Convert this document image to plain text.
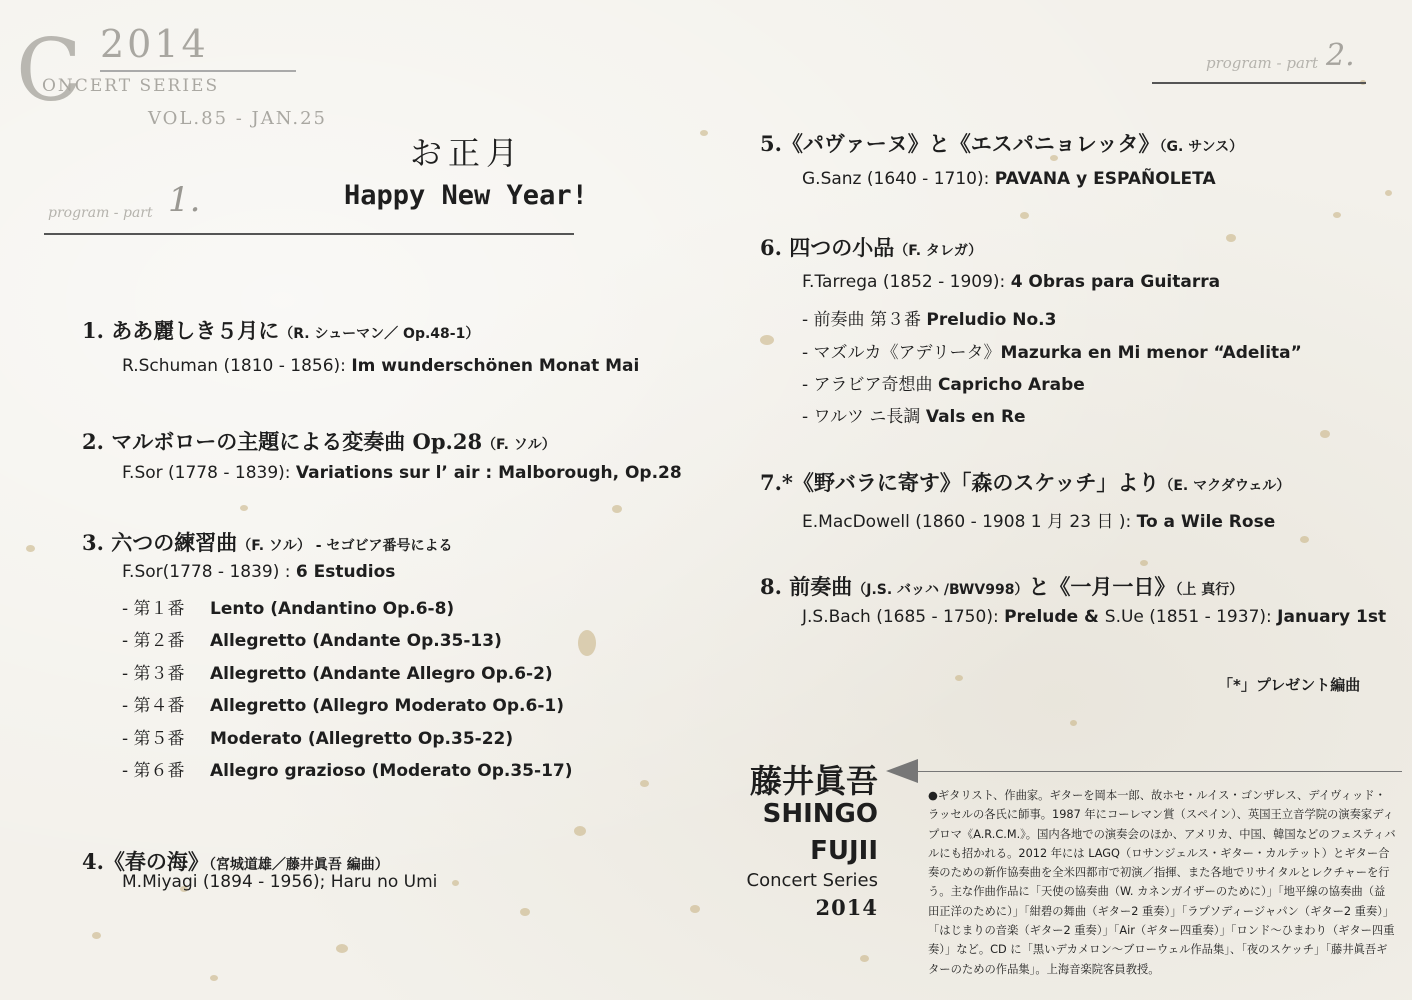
C 2014
ONCERT SERIES
VOL.85 - JAN.25
お正月
Happy New Year!
program - part 1.
program - part 2.
1. ああ麗しき５月に（R. シューマン／ Op.48-1）
R.Schuman (1810 - 1856): Im wunderschönen Monat Mai
2. マルボローの主題による変奏曲 Op.28（F. ソル）
F.Sor (1778 - 1839): Variations sur l’ air : Malborough, Op.28
3. 六つの練習曲（F. ソル） - セゴビア番号による
F.Sor(1778 - 1839) : 6 Estudios
- 第１番 Lento (Andantino Op.6-8)
- 第２番 Allegretto (Andante Op.35-13)
- 第３番 Allegretto (Andante Allegro Op.6-2)
- 第４番 Allegretto (Allegro Moderato Op.6-1)
- 第５番 Moderato (Allegretto Op.35-22)
- 第６番 Allegro grazioso (Moderato Op.35-17)
4.《春の海》（宮城道雄／藤井眞吾 編曲）
M.Miyagi (1894 - 1956); Haru no Umi
5.《パヴァーヌ》と《エスパニョレッタ》（G. サンス）
G.Sanz (1640 - 1710): PAVANA y ESPAÑOLETA
6. 四つの小品（F. タレガ）
F.Tarrega (1852 - 1909): 4 Obras para Guitarra
- 前奏曲 第３番 Preludio No.3
- マズルカ《アデリータ》Mazurka en Mi menor “Adelita”
- アラビア奇想曲 Capricho Arabe
- ワルツ ニ長調 Vals en Re
7.*《野バラに寄す》「森のスケッチ」より（E. マクダウェル）
E.MacDowell (1860 - 1908 1 月 23 日 ): To a Wile Rose
8. 前奏曲（J.S. バッハ /BWV998）と《一月一日》（上 真行）
J.S.Bach (1685 - 1750): Prelude & S.Ue (1851 - 1937): January 1st
「*」プレゼント編曲
藤井眞吾
SHINGO
FUJII
Concert Series
2014
●ギタリスト、作曲家。ギターを岡本一郎、故ホセ・ルイス・ゴンザレス、デイヴィッド・ラッセルの各氏に師事。1987 年にコーレマン賞（スペイン）、英国王立音学院の演奏家ディプロマ《A.R.C.M.》。国内各地での演奏会のほか、アメリカ、中国、韓国などのフェスティバルにも招かれる。2012 年には LAGQ（ロサンジェルス・ギター・カルテット）とギター合奏のための新作協奏曲を全米四都市で初演／指揮、また各地でリサイタルとレクチャーを行う。主な作曲作品に「天使の協奏曲（W. カネンガイザーのために）」「地平線の協奏曲（益田正洋のために）」「紺碧の舞曲（ギター2 重奏）」「ラプソディージャパン（ギター2 重奏）」「はじまりの音楽（ギター2 重奏）」「Air（ギター四重奏）」「ロンド〜ひまわり（ギター四重奏）」など。CD に「黒いデカメロン〜ブローウェル作品集」、「夜のスケッチ」「藤井眞吾ギターのための作品集」。上海音楽院客員教授。
